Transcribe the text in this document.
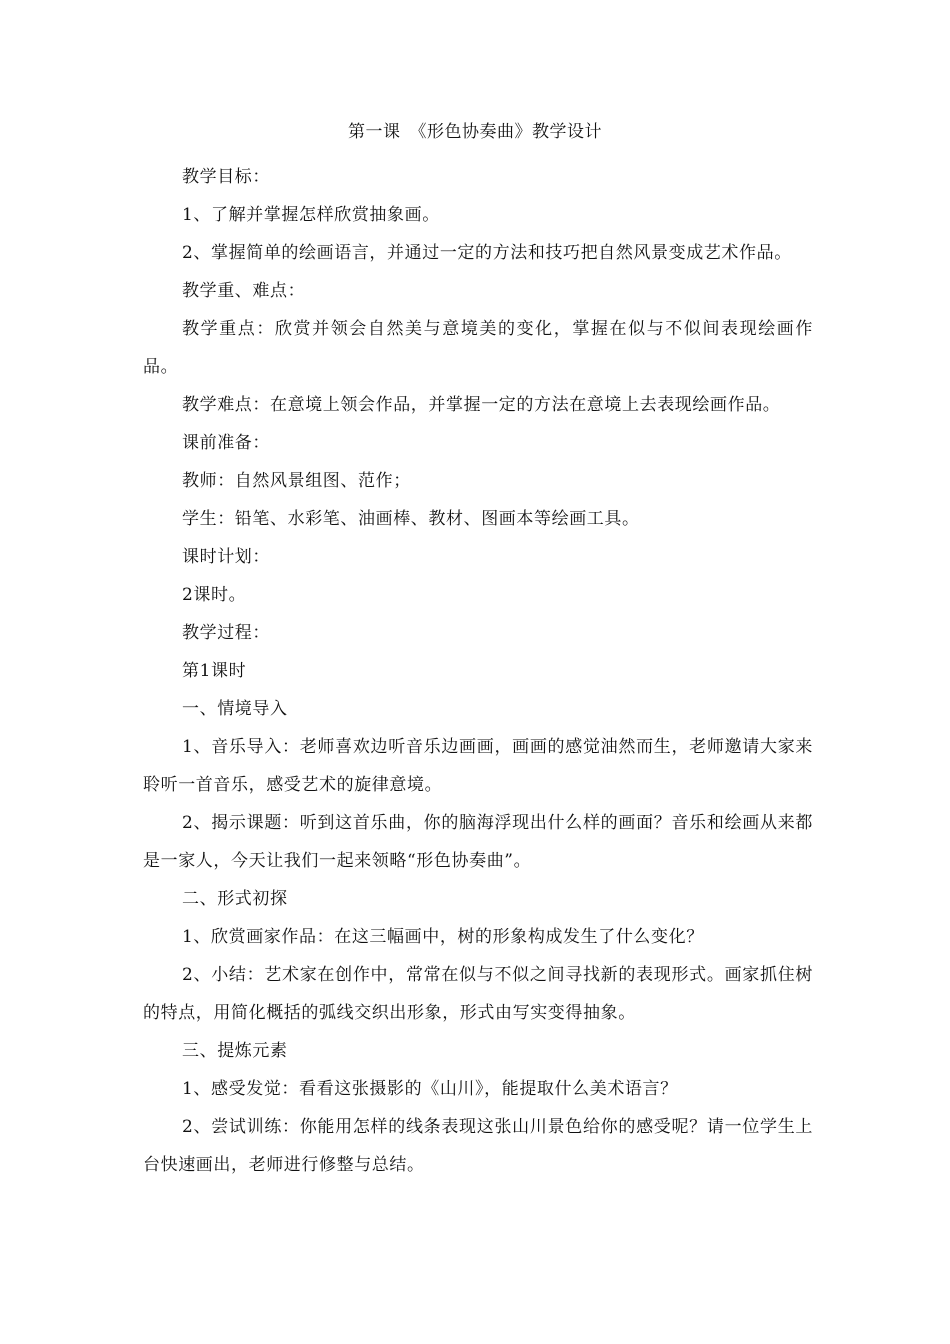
第一课　《形色协奏曲》教学设计

教学目标：

1、了解并掌握怎样欣赏抽象画。

2、掌握简单的绘画语言，并通过一定的方法和技巧把自然风景变成艺术作品。

教学重、难点：

教学重点：欣赏并领会自然美与意境美的变化，掌握在似与不似间表现绘画作品。

教学难点：在意境上领会作品，并掌握一定的方法在意境上去表现绘画作品。

课前准备：

教师：自然风景组图、范作；

学生：铅笔、水彩笔、油画棒、教材、图画本等绘画工具。

课时计划：

2课时。

教学过程：

第1课时

一、情境导入

1、音乐导入：老师喜欢边听音乐边画画，画画的感觉油然而生，老师邀请大家来聆听一首音乐，感受艺术的旋律意境。

2、揭示课题：听到这首乐曲，你的脑海浮现出什么样的画面？音乐和绘画从来都是一家人，今天让我们一起来领略“形色协奏曲”。

二、形式初探

1、欣赏画家作品：在这三幅画中，树的形象构成发生了什么变化？

2、小结：艺术家在创作中，常常在似与不似之间寻找新的表现形式。画家抓住树的特点，用简化概括的弧线交织出形象，形式由写实变得抽象。

三、提炼元素

1、感受发觉：看看这张摄影的《山川》，能提取什么美术语言？

2、尝试训练：你能用怎样的线条表现这张山川景色给你的感受呢？请一位学生上台快速画出，老师进行修整与总结。
